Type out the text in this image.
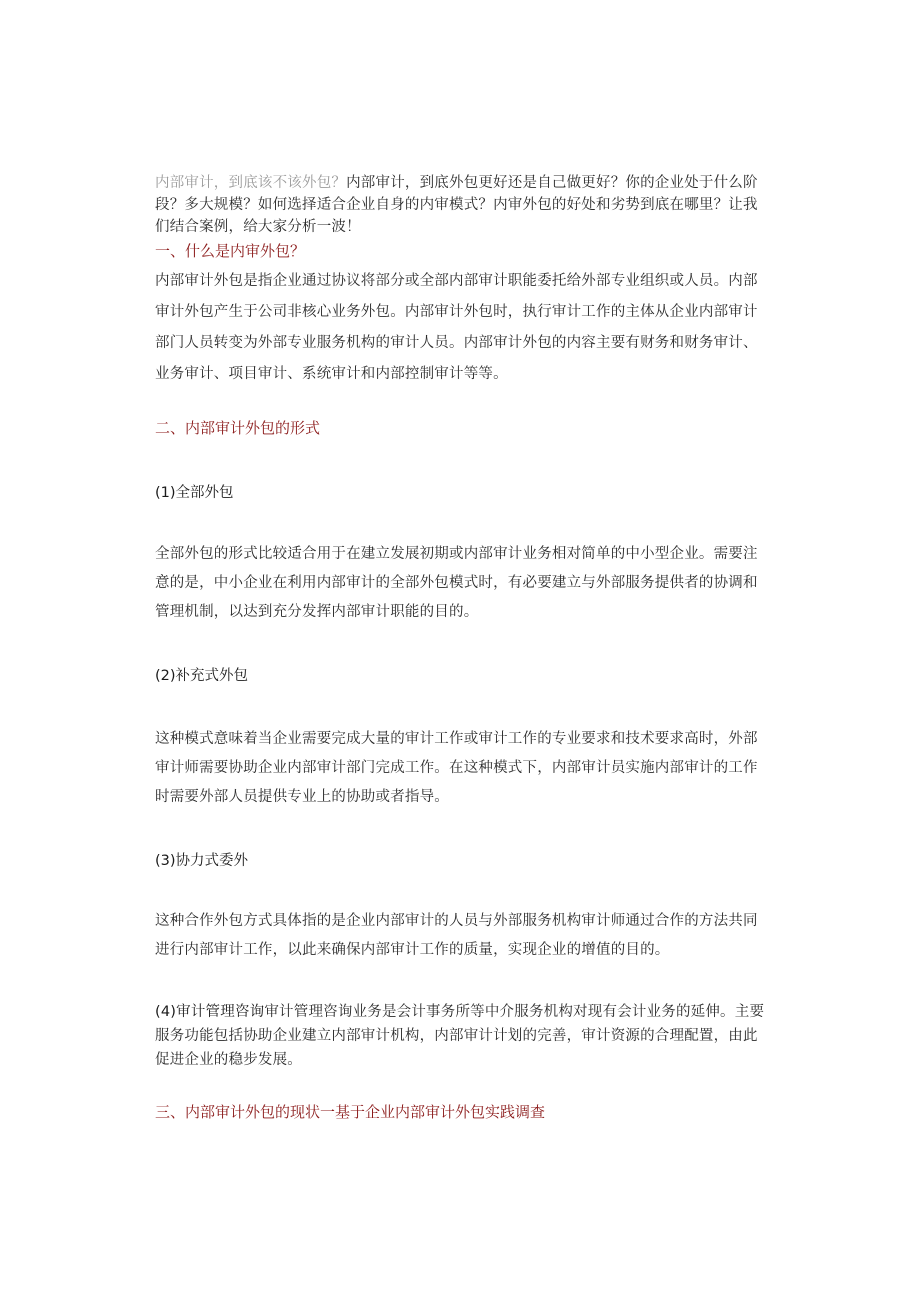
内部审计，到底该不该外包？内部审计，到底外包更好还是自己做更好？你的企业处于什么阶段？多大规模？如何选择适合企业自身的内审模式？内审外包的好处和劣势到底在哪里？让我们结合案例，给大家分析一波！

一、什么是内审外包？

内部审计外包是指企业通过协议将部分或全部内部审计职能委托给外部专业组织或人员。内部审计外包产生于公司非核心业务外包。内部审计外包时，执行审计工作的主体从企业内部审计部门人员转变为外部专业服务机构的审计人员。内部审计外包的内容主要有财务和财务审计、业务审计、项目审计、系统审计和内部控制审计等等。

二、内部审计外包的形式
(1)全部外包

全部外包的形式比较适合用于在建立发展初期或内部审计业务相对简单的中小型企业。需要注意的是，中小企业在利用内部审计的全部外包模式时，有必要建立与外部服务提供者的协调和管理机制，以达到充分发挥内部审计职能的目的。

(2)补充式外包

这种模式意味着当企业需要完成大量的审计工作或审计工作的专业要求和技术要求高时，外部审计师需要协助企业内部审计部门完成工作。在这种模式下，内部审计员实施内部审计的工作时需要外部人员提供专业上的协助或者指导。

(3)协力式委外

这种合作外包方式具体指的是企业内部审计的人员与外部服务机构审计师通过合作的方法共同进行内部审计工作，以此来确保内部审计工作的质量，实现企业的增值的目的。

(4)审计管理咨询审计管理咨询业务是会计事务所等中介服务机构对现有会计业务的延伸。主要服务功能包括协助企业建立内部审计机构，内部审计计划的完善，审计资源的合理配置，由此促进企业的稳步发展。

三、内部审计外包的现状一基于企业内部审计外包实践调查
